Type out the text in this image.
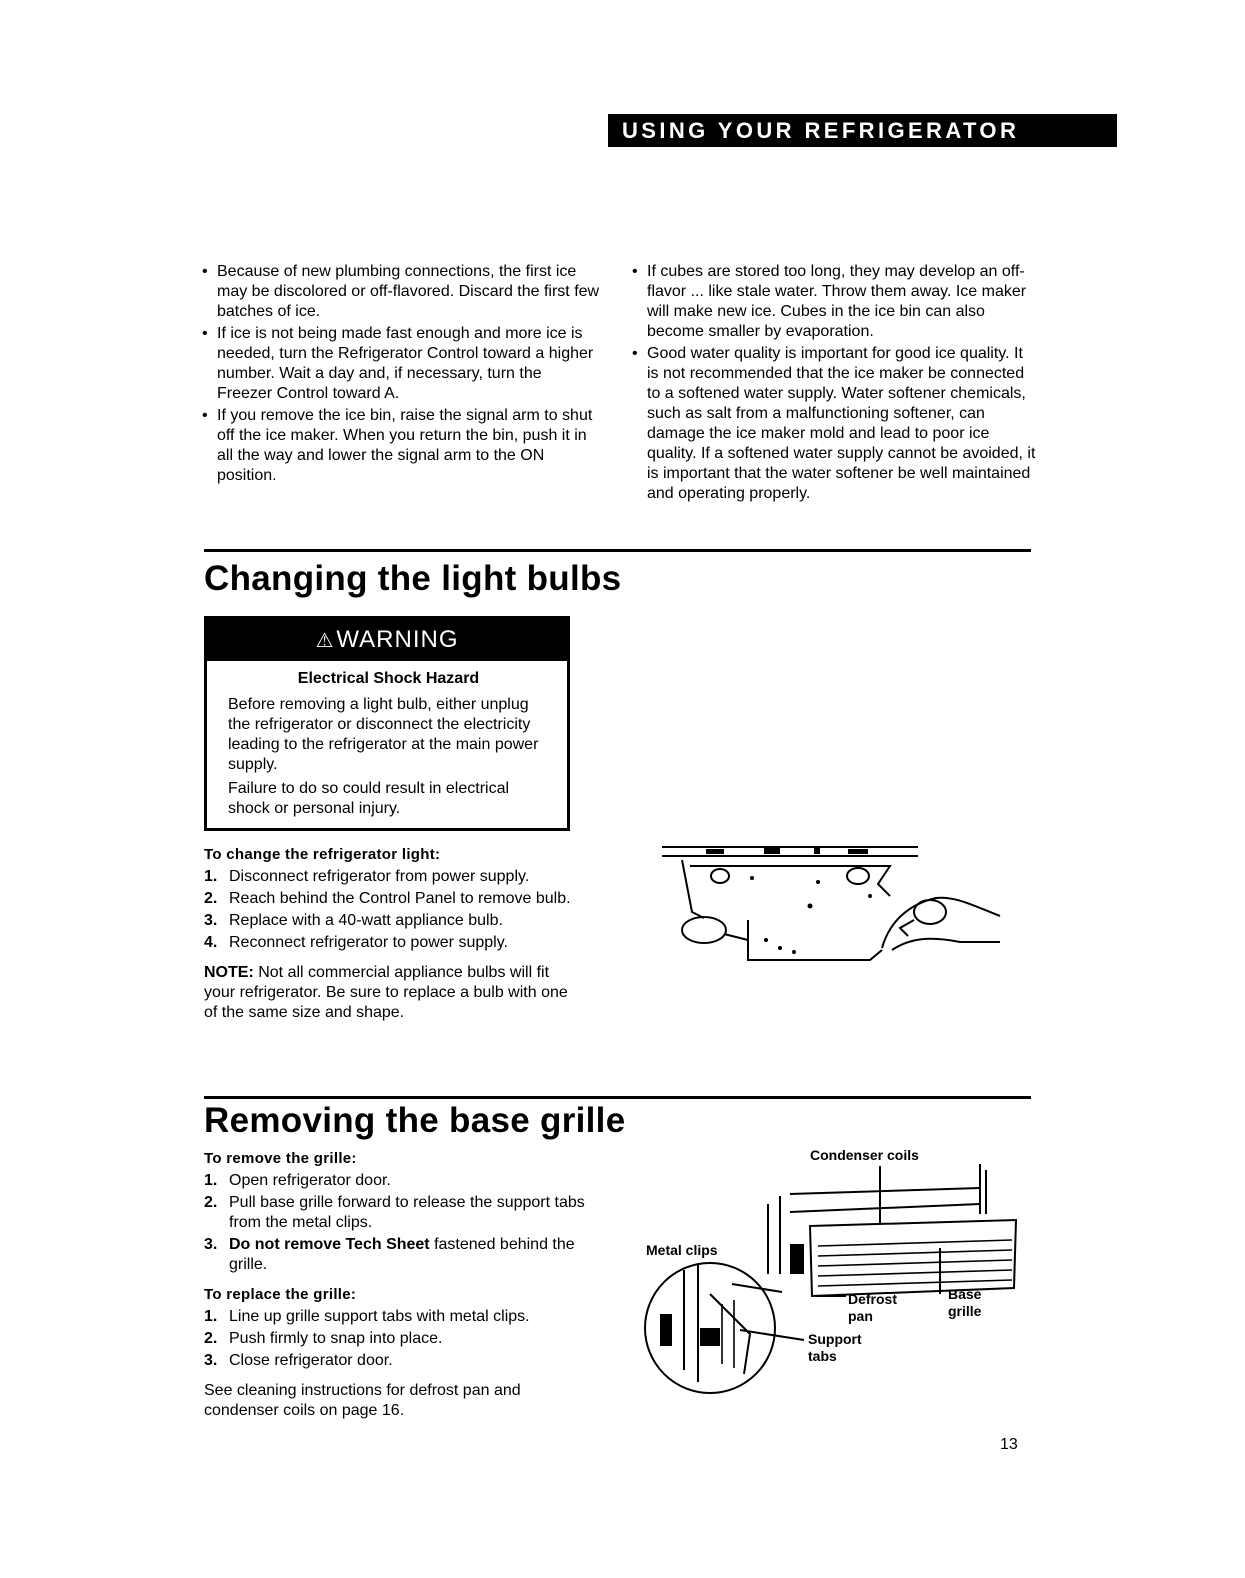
USING YOUR REFRIGERATOR
• Because of new plumbing connections, the first ice may be discolored or off-flavored. Discard the first few batches of ice.
• If ice is not being made fast enough and more ice is needed, turn the Refrigerator Control toward a higher number. Wait a day and, if necessary, turn the Freezer Control toward A.
• If you remove the ice bin, raise the signal arm to shut off the ice maker. When you return the bin, push it in all the way and lower the signal arm to the ON position.
• If cubes are stored too long, they may develop an off-flavor ... like stale water. Throw them away. Ice maker will make new ice. Cubes in the ice bin can also become smaller by evaporation.
• Good water quality is important for good ice quality. It is not recommended that the ice maker be connected to a softened water supply. Water softener chemicals, such as salt from a malfunctioning softener, can damage the ice maker mold and lead to poor ice quality. If a softened water supply cannot be avoided, it is important that the water softener be well maintained and operating properly.
Changing the light bulbs
⚠WARNING
Electrical Shock Hazard

Before removing a light bulb, either unplug the refrigerator or disconnect the electricity leading to the refrigerator at the main power supply.

Failure to do so could result in electrical shock or personal injury.

To change the refrigerator light:
1. Disconnect refrigerator from power supply.
2. Reach behind the Control Panel to remove bulb.
3. Replace with a 40-watt appliance bulb.
4. Reconnect refrigerator to power supply.
NOTE: Not all commercial appliance bulbs will fit your refrigerator. Be sure to replace a bulb with one of the same size and shape.
Removing the base grille
To remove the grille:
1. Open refrigerator door.
2. Pull base grille forward to release the support tabs from the metal clips.
3. Do not remove Tech Sheet fastened behind the grille.
To replace the grille:
1. Line up grille support tabs with metal clips.
2. Push firmly to snap into place.
3. Close refrigerator door.
See cleaning instructions for defrost pan and condenser coils on page 16.
Condenser coils
Metal clips
Defrost pan
Base grille
Support tabs
13
